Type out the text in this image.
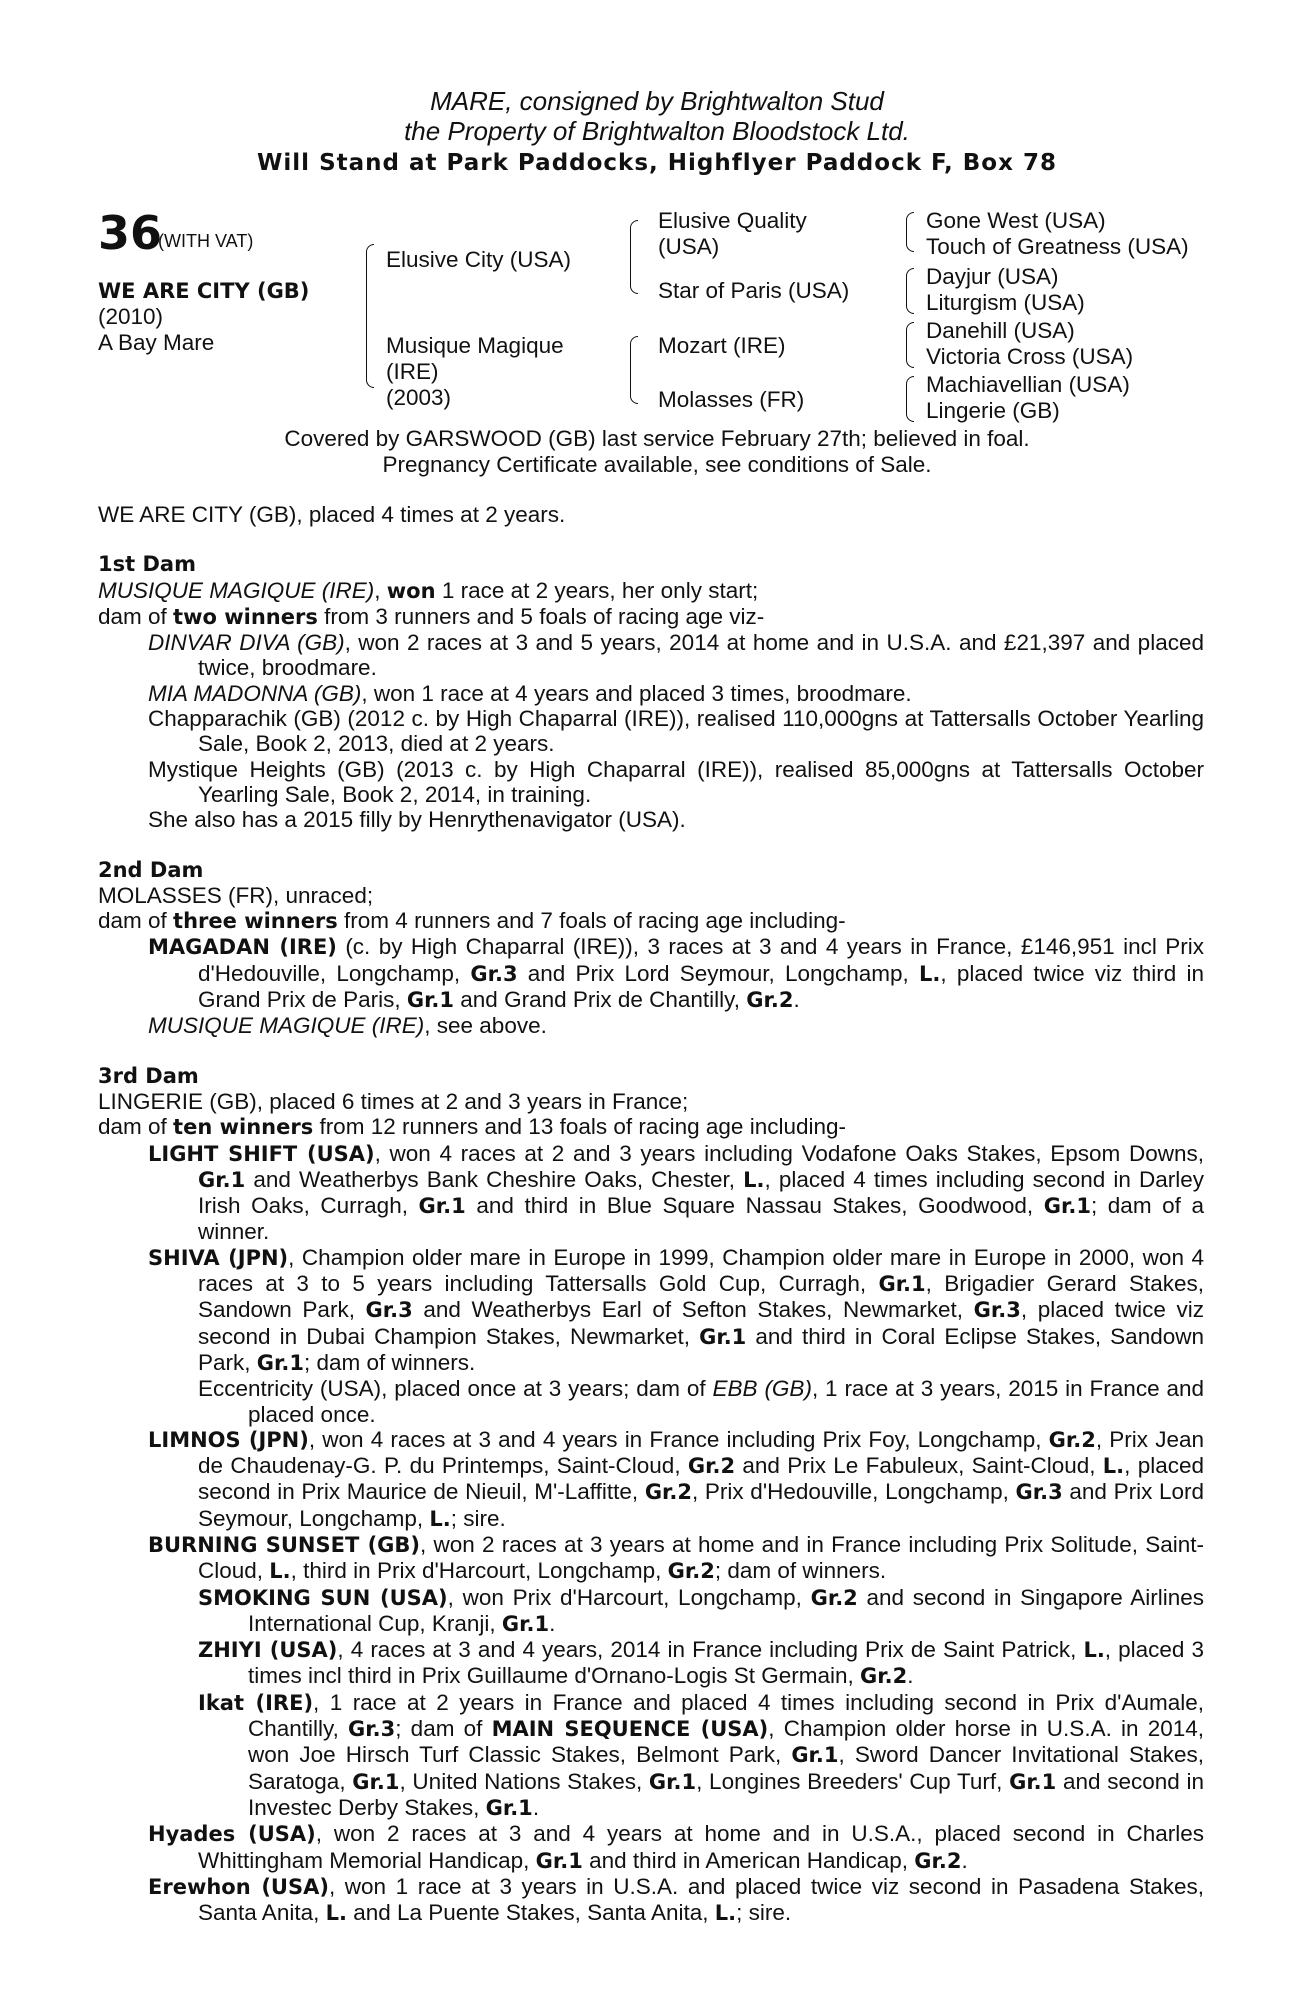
MARE, consigned by Brightwalton Stud
the Property of Brightwalton Bloodstock Ltd.
Will Stand at Park Paddocks, Highflyer Paddock F, Box 78
36
(WITH VAT)
WE ARE CITY (GB)
(2010)
A Bay Mare
Elusive City (USA)
Musique Magique
(IRE)
(2003)
Elusive Quality
(USA)
Star of Paris (USA)
Mozart (IRE)
Molasses (FR)
Gone West (USA)
Touch of Greatness (USA)
Dayjur (USA)
Liturgism (USA)
Danehill (USA)
Victoria Cross (USA)
Machiavellian (USA)
Lingerie (GB)
Covered by GARSWOOD (GB) last service February 27th; believed in foal.
Pregnancy Certificate available, see conditions of Sale.

WE ARE CITY (GB), placed 4 times at 2 years.

1st Dam

MUSIQUE MAGIQUE (IRE), won 1 race at 2 years, her only start;

dam of two winners from 3 runners and 5 foals of racing age viz-

DINVAR DIVA (GB), won 2 races at 3 and 5 years, 2014 at home and in U.S.A. and £21,397 and placed twice, broodmare.

MIA MADONNA (GB), won 1 race at 4 years and placed 3 times, broodmare.

Chapparachik (GB) (2012 c. by High Chaparral (IRE)), realised 110,000gns at Tattersalls October Yearling Sale, Book 2, 2013, died at 2 years.

Mystique Heights (GB) (2013 c. by High Chaparral (IRE)), realised 85,000gns at Tattersalls October Yearling Sale, Book 2, 2014, in training.

She also has a 2015 filly by Henrythenavigator (USA).

2nd Dam

MOLASSES (FR), unraced;

dam of three winners from 4 runners and 7 foals of racing age including-

MAGADAN (IRE) (c. by High Chaparral (IRE)), 3 races at 3 and 4 years in France, £146,951 incl Prix d'Hedouville, Longchamp, Gr.3 and Prix Lord Seymour, Longchamp, L., placed twice viz third in Grand Prix de Paris, Gr.1 and Grand Prix de Chantilly, Gr.2.

MUSIQUE MAGIQUE (IRE), see above.

3rd Dam

LINGERIE (GB), placed 6 times at 2 and 3 years in France;

dam of ten winners from 12 runners and 13 foals of racing age including-

LIGHT SHIFT (USA), won 4 races at 2 and 3 years including Vodafone Oaks Stakes, Epsom Downs, Gr.1 and Weatherbys Bank Cheshire Oaks, Chester, L., placed 4 times including second in Darley Irish Oaks, Curragh, Gr.1 and third in Blue Square Nassau Stakes, Goodwood, Gr.1; dam of a winner.

SHIVA (JPN), Champion older mare in Europe in 1999, Champion older mare in Europe in 2000, won 4 races at 3 to 5 years including Tattersalls Gold Cup, Curragh, Gr.1, Brigadier Gerard Stakes, Sandown Park, Gr.3 and Weatherbys Earl of Sefton Stakes, Newmarket, Gr.3, placed twice viz second in Dubai Champion Stakes, Newmarket, Gr.1 and third in Coral Eclipse Stakes, Sandown Park, Gr.1; dam of winners.

Eccentricity (USA), placed once at 3 years; dam of EBB (GB), 1 race at 3 years, 2015 in France and placed once.

LIMNOS (JPN), won 4 races at 3 and 4 years in France including Prix Foy, Longchamp, Gr.2, Prix Jean de Chaudenay-G. P. du Printemps, Saint-Cloud, Gr.2 and Prix Le Fabuleux, Saint-Cloud, L., placed second in Prix Maurice de Nieuil, M'-Laffitte, Gr.2, Prix d'Hedouville, Longchamp, Gr.3 and Prix Lord Seymour, Longchamp, L.; sire.

BURNING SUNSET (GB), won 2 races at 3 years at home and in France including Prix Solitude, Saint-Cloud, L., third in Prix d'Harcourt, Longchamp, Gr.2; dam of winners.

SMOKING SUN (USA), won Prix d'Harcourt, Longchamp, Gr.2 and second in Singapore Airlines International Cup, Kranji, Gr.1.

ZHIYI (USA), 4 races at 3 and 4 years, 2014 in France including Prix de Saint Patrick, L., placed 3 times incl third in Prix Guillaume d'Ornano-Logis St Germain, Gr.2.

Ikat (IRE), 1 race at 2 years in France and placed 4 times including second in Prix d'Aumale, Chantilly, Gr.3; dam of MAIN SEQUENCE (USA), Champion older horse in U.S.A. in 2014, won Joe Hirsch Turf Classic Stakes, Belmont Park, Gr.1, Sword Dancer Invitational Stakes, Saratoga, Gr.1, United Nations Stakes, Gr.1, Longines Breeders' Cup Turf, Gr.1 and second in Investec Derby Stakes, Gr.1.

Hyades (USA), won 2 races at 3 and 4 years at home and in U.S.A., placed second in Charles Whittingham Memorial Handicap, Gr.1 and third in American Handicap, Gr.2.

Erewhon (USA), won 1 race at 3 years in U.S.A. and placed twice viz second in Pasadena Stakes, Santa Anita, L. and La Puente Stakes, Santa Anita, L.; sire.
